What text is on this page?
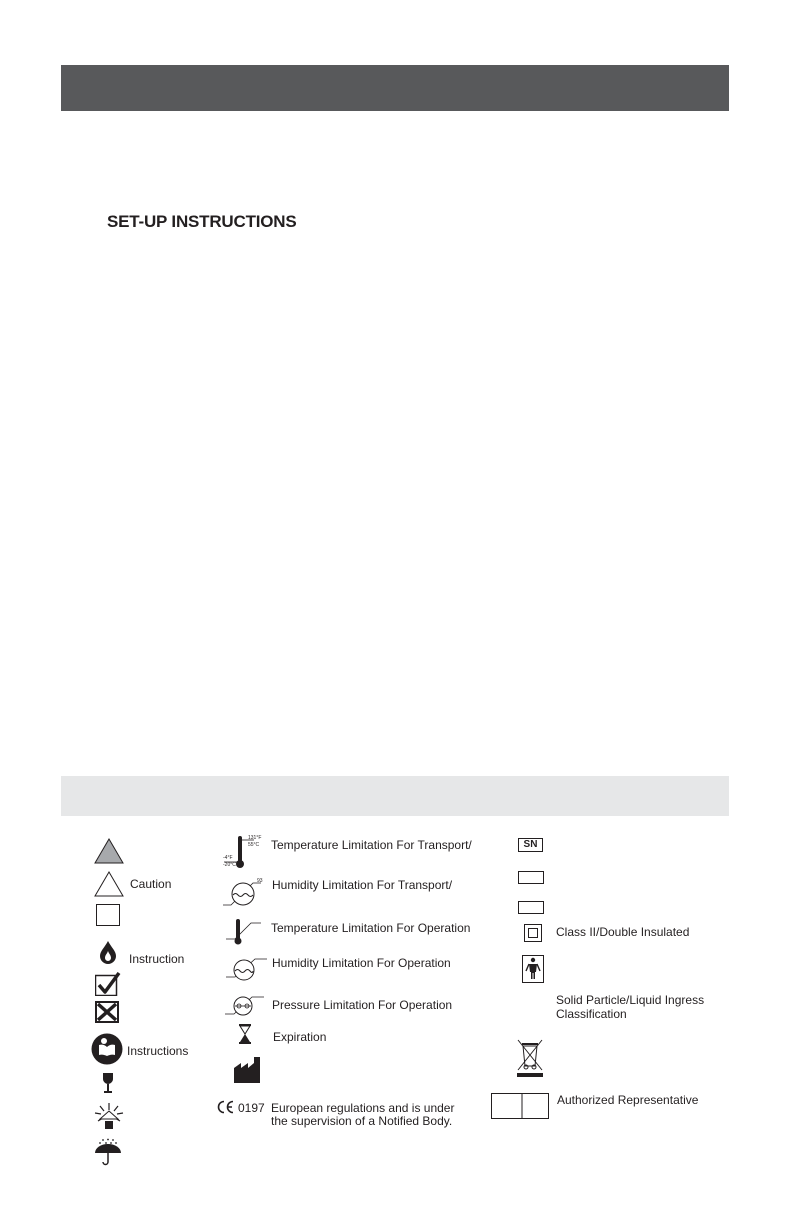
SET-UP INSTRUCTIONS
Caution
Instruction
Instructions
131°F
55°C
-4°F
-20°C
Temperature Limitation For Transport/
93 Humidity Limitation For Transport/
Temperature Limitation For Operation
Humidity Limitation For Operation
Pressure Limitation For Operation
Expiration
0197 European regulations and is under
the supervision of a Notified Body.
SN
Class II/Double Insulated
Solid Particle/Liquid Ingress
Classification
Authorized Representative
